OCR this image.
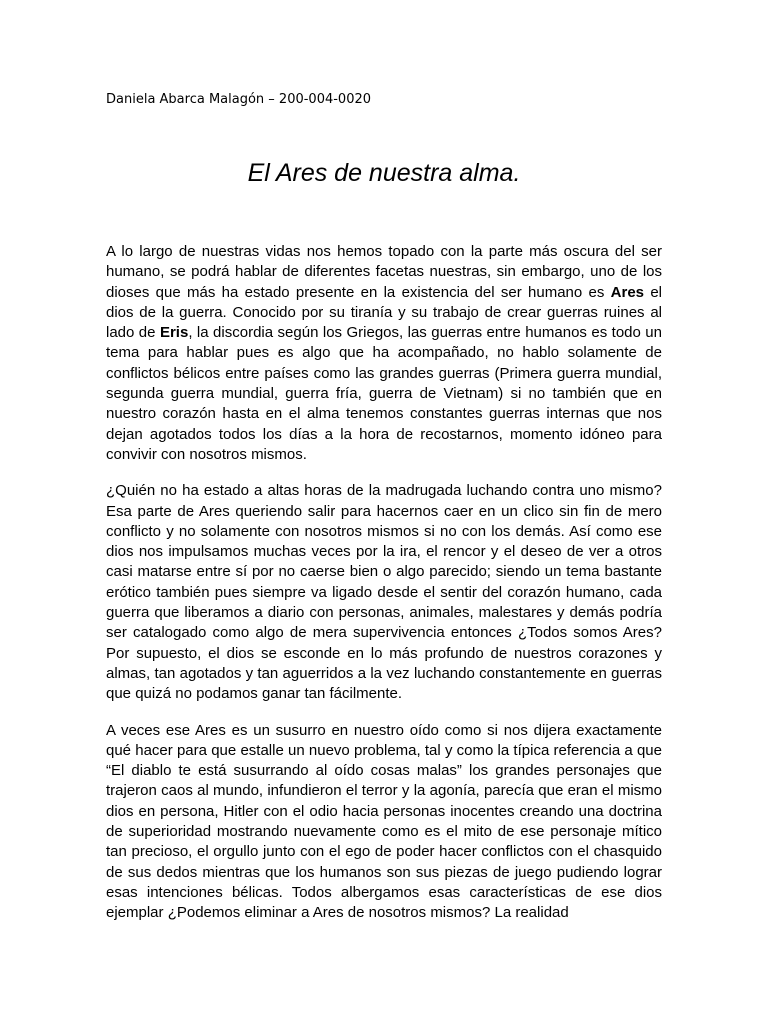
Daniela Abarca Malagón – 200-004-0020

El Ares de nuestra alma.

A lo largo de nuestras vidas nos hemos topado con la parte más oscura del ser humano, se podrá hablar de diferentes facetas nuestras, sin embargo, uno de los dioses que más ha estado presente en la existencia del ser humano es Ares el dios de la guerra. Conocido por su tiranía y su trabajo de crear guerras ruines al lado de Eris, la discordia según los Griegos, las guerras entre humanos es todo un tema para hablar pues es algo que ha acompañado, no hablo solamente de conflictos bélicos entre países como las grandes guerras (Primera guerra mundial, segunda guerra mundial, guerra fría, guerra de Vietnam) si no también que en nuestro corazón hasta en el alma tenemos constantes guerras internas que nos dejan agotados todos los días a la hora de recostarnos, momento idóneo para convivir con nosotros mismos.

¿Quién no ha estado a altas horas de la madrugada luchando contra uno mismo? Esa parte de Ares queriendo salir para hacernos caer en un clico sin fin de mero conflicto y no solamente con nosotros mismos si no con los demás. Así como ese dios nos impulsamos muchas veces por la ira, el rencor y el deseo de ver a otros casi matarse entre sí por no caerse bien o algo parecido; siendo un tema bastante erótico también pues siempre va ligado desde el sentir del corazón humano, cada guerra que liberamos a diario con personas, animales, malestares y demás podría ser catalogado como algo de mera supervivencia entonces ¿Todos somos Ares? Por supuesto, el dios se esconde en lo más profundo de nuestros corazones y almas, tan agotados y tan aguerridos a la vez luchando constantemente en guerras que quizá no podamos ganar tan fácilmente.

A veces ese Ares es un susurro en nuestro oído como si nos dijera exactamente qué hacer para que estalle un nuevo problema, tal y como la típica referencia a que “El diablo te está susurrando al oído cosas malas” los grandes personajes que trajeron caos al mundo, infundieron el terror y la agonía, parecía que eran el mismo dios en persona, Hitler con el odio hacia personas inocentes creando una doctrina de superioridad mostrando nuevamente como es el mito de ese personaje mítico tan precioso, el orgullo junto con el ego de poder hacer conflictos con el chasquido de sus dedos mientras que los humanos son sus piezas de juego pudiendo lograr esas intenciones bélicas. Todos albergamos esas características de ese dios ejemplar ¿Podemos eliminar a Ares de nosotros mismos? La realidad
